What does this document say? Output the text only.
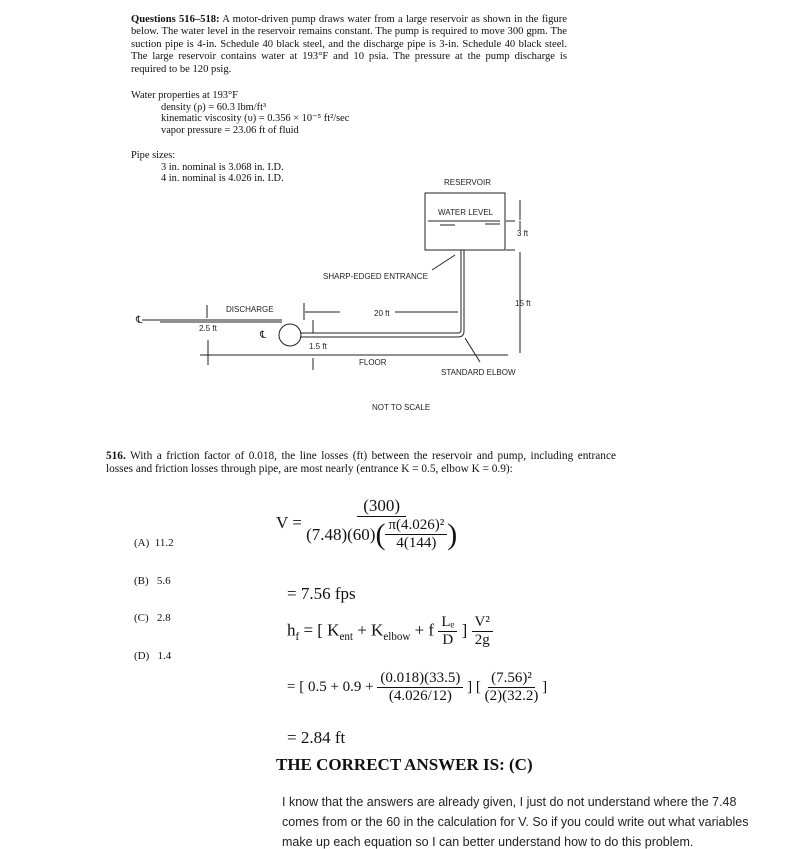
Questions 516–518: A motor-driven pump draws water from a large reservoir as shown in the figure below. The water level in the reservoir remains constant. The pump is required to move 300 gpm. The suction pipe is 4-in. Schedule 40 black steel, and the discharge pipe is 3-in. Schedule 40 black steel. The large reservoir contains water at 193°F and 10 psia. The pressure at the pump discharge is required to be 120 psig.
Water properties at 193°F
density (ρ) = 60.3 lbm/ft³
kinematic viscosity (υ) = 0.356 × 10⁻⁵ ft²/sec
vapor pressure = 23.06 ft of fluid
Pipe sizes:
3 in. nominal is 3.068 in. I.D.
4 in. nominal is 4.026 in. I.D.	RESERVOIR
WATER LEVEL
3 ft
15 ft
SHARP-EDGED ENTRANCE
20 ft
DISCHARGE
2.5 ft
1.5 ft
FLOOR
STANDARD ELBOW
℄
℄
NOT TO SCALE
516. With a friction factor of 0.018, the line losses (ft) between the reservoir and pump, including entrance losses and friction losses through pipe, are most nearly (entrance K = 0.5, elbow K = 0.9):

(A)  11.2

(B)   5.6

(C)   2.8

(D)   1.4

$V = \frac{(300)}{(7.48)(60) ( \frac{\text{π(4.026)²}}{4(144)} )}$
= 7.56 fps
$h_f$ = [ $K_{ent} + K_{elbow} + f \frac{\text{Lₑ}}{D}$ ] $\frac{\text{V²}}{2g}$
= [ $0.5 + 0.9 + \frac{(0.018)(33.5)}{(4.026/12)}$ ] [ $\frac{\text{(7.56)²}}{(2)(32.2)}$ ]
= 2.84 ft
THE CORRECT ANSWER IS: (C)
I know that the answers are already given, I just do not understand where the 7.48 comes from or the 60 in the calculation for V. So if you could write out what variables make up each equation so I can better understand how to do this problem.
